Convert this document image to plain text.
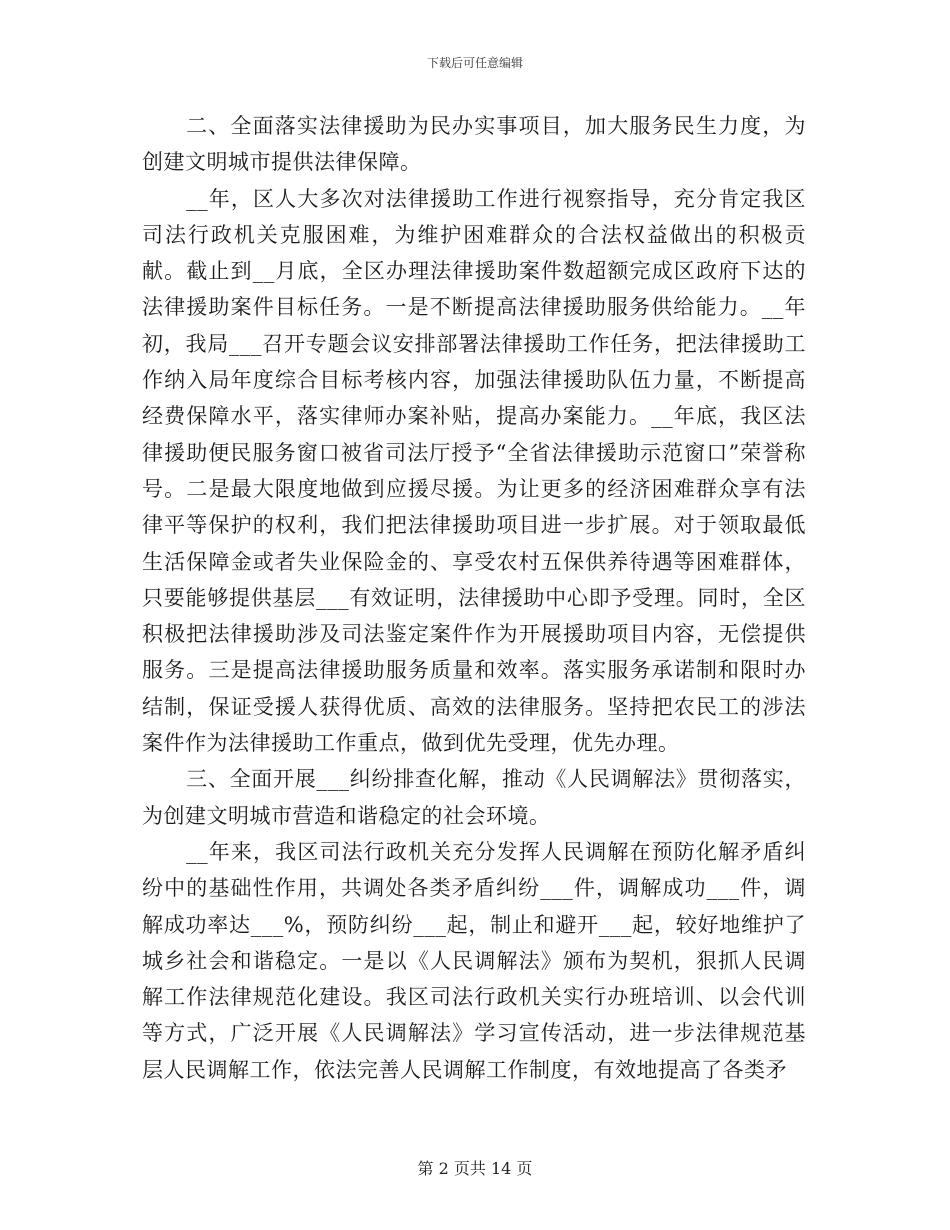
下载后可任意编辑

二、全面落实法律援助为民办实事项目，加大服务民生力度，为创建文明城市提供法律保障。

__年，区人大多次对法律援助工作进行视察指导，充分肯定我区司法行政机关克服困难，为维护困难群众的合法权益做出的积极贡献。截止到__月底，全区办理法律援助案件数超额完成区政府下达的法律援助案件目标任务。一是不断提高法律援助服务供给能力。__年初，我局___召开专题会议安排部署法律援助工作任务，把法律援助工作纳入局年度综合目标考核内容，加强法律援助队伍力量，不断提高经费保障水平，落实律师办案补贴，提高办案能力。__年底，我区法律援助便民服务窗口被省司法厅授予“全省法律援助示范窗口”荣誉称号。二是最大限度地做到应援尽援。为让更多的经济困难群众享有法律平等保护的权利，我们把法律援助项目进一步扩展。对于领取最低生活保障金或者失业保险金的、享受农村五保供养待遇等困难群体，只要能够提供基层___有效证明，法律援助中心即予受理。同时，全区积极把法律援助涉及司法鉴定案件作为开展援助项目内容，无偿提供服务。三是提高法律援助服务质量和效率。落实服务承诺制和限时办结制，保证受援人获得优质、高效的法律服务。坚持把农民工的涉法案件作为法律援助工作重点，做到优先受理，优先办理。

三、全面开展___纠纷排查化解，推动《人民调解法》贯彻落实，为创建文明城市营造和谐稳定的社会环境。

__年来，我区司法行政机关充分发挥人民调解在预防化解矛盾纠纷中的基础性作用，共调处各类矛盾纠纷___件，调解成功___件，调解成功率达___%，预防纠纷___起，制止和避开___起，较好地维护了城乡社会和谐稳定。一是以《人民调解法》颁布为契机，狠抓人民调解工作法律规范化建设。我区司法行政机关实行办班培训、以会代训等方式，广泛开展《人民调解法》学习宣传活动，进一步法律规范基层人民调解工作，依法完善人民调解工作制度，有效地提高了各类矛

第 2 页共 14 页
